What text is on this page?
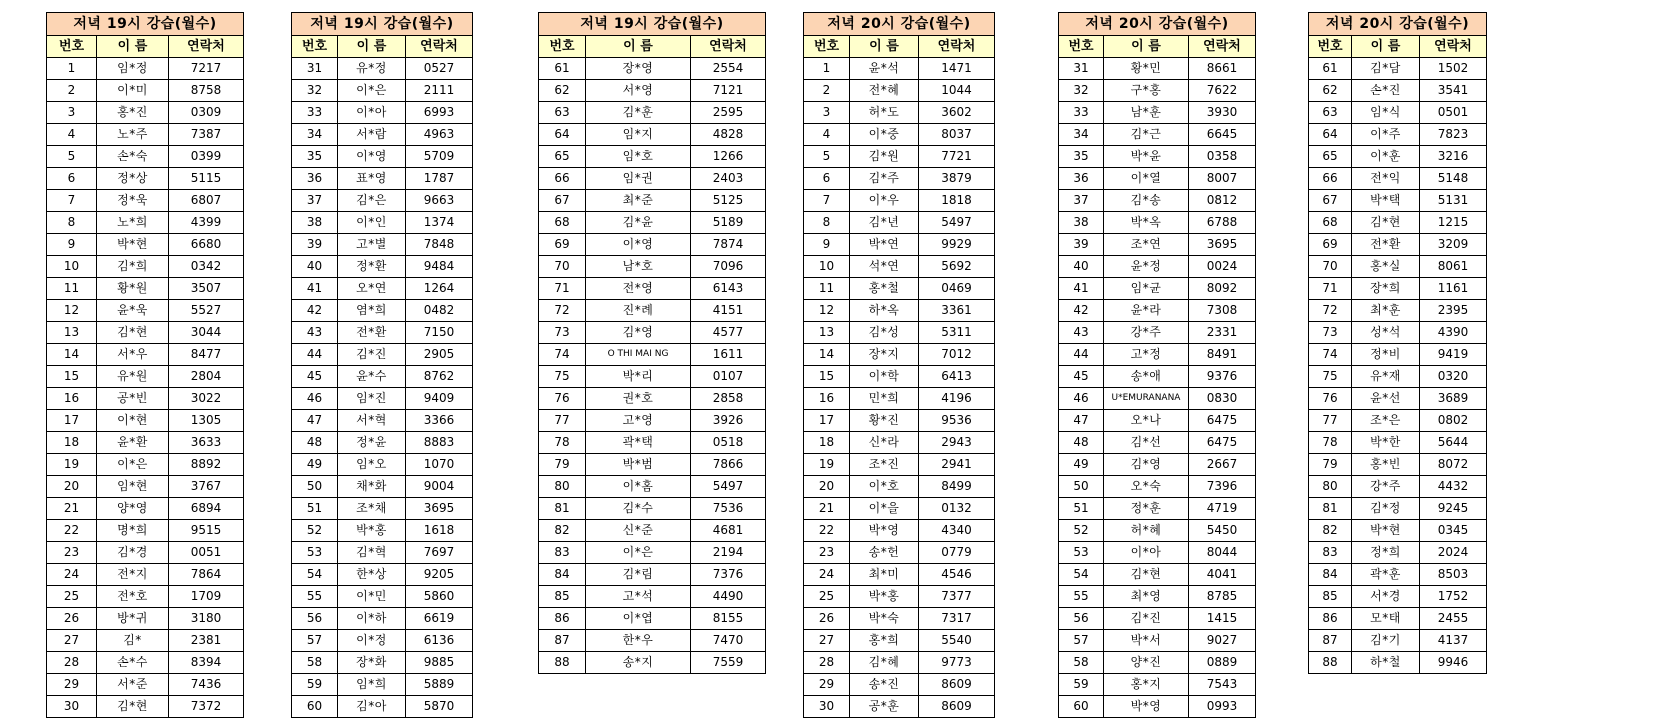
저녁 19시 강습(월수)		
번호	이 름	연락처
1	임*정	7217
2	이*미	8758
3	홍*진	0309
4	노*주	7387
5	손*숙	0399
6	정*상	5115
7	정*욱	6807
8	노*희	4399
9	박*현	6680
10	김*희	0342
11	황*원	3507
12	윤*욱	5527
13	김*현	3044
14	서*우	8477
15	유*원	2804
16	공*빈	3022
17	이*현	1305
18	윤*환	3633
19	이*은	8892
20	임*현	3767
21	양*영	6894
22	명*희	9515
23	김*경	0051
24	전*지	7864
25	전*호	1709
26	방*귀	3180
27	김*	2381
28	손*수	8394
29	서*준	7436
30	김*현	7372
저녁 19시 강습(월수)		
번호	이 름	연락처
31	유*정	0527
32	이*은	2111
33	이*아	6993
34	서*람	4963
35	이*영	5709
36	표*영	1787
37	김*은	9663
38	이*인	1374
39	고*별	7848
40	정*환	9484
41	오*연	1264
42	염*희	0482
43	전*환	7150
44	김*진	2905
45	윤*수	8762
46	임*진	9409
47	서*혁	3366
48	정*윤	8883
49	임*오	1070
50	채*화	9004
51	조*채	3695
52	박*홍	1618
53	김*혁	7697
54	한*상	9205
55	이*민	5860
56	이*하	6619
57	이*정	6136
58	장*화	9885
59	임*희	5889
60	김*아	5870
저녁 19시 강습(월수)		
번호	이 름	연락처
61	장*영	2554
62	서*영	7121
63	김*훈	2595
64	임*지	4828
65	임*호	1266
66	임*권	2403
67	최*준	5125
68	김*윤	5189
69	이*영	7874
70	남*호	7096
71	전*영	6143
72	진*례	4151
73	김*영	4577
74	O THI MAI NG	1611
75	박*리	0107
76	권*호	2858
77	고*영	3926
78	곽*택	0518
79	박*범	7866
80	이*홈	5497
81	김*수	7536
82	신*준	4681
83	이*은	2194
84	김*림	7376
85	고*석	4490
86	이*엽	8155
87	한*우	7470
88	송*지	7559
저녁 20시 강습(월수)		
번호	이 름	연락처
1	윤*석	1471
2	전*혜	1044
3	허*도	3602
4	이*중	8037
5	김*원	7721
6	김*주	3879
7	이*우	1818
8	김*년	5497
9	박*연	9929
10	석*연	5692
11	홍*철	0469
12	하*옥	3361
13	김*성	5311
14	장*지	7012
15	이*학	6413
16	민*희	4196
17	황*진	9536
18	신*라	2943
19	조*진	2941
20	이*호	8499
21	이*을	0132
22	박*영	4340
23	송*헌	0779
24	최*미	4546
25	박*홍	7377
26	박*숙	7317
27	홍*희	5540
28	김*혜	9773
29	송*진	8609
30	공*훈	8609
저녁 20시 강습(월수)		
번호	이 름	연락처
31	황*민	8661
32	구*홍	7622
33	남*훈	3930
34	김*근	6645
35	박*윤	0358
36	이*열	8007
37	김*송	0812
38	박*옥	6788
39	조*연	3695
40	윤*정	0024
41	임*균	8092
42	윤*라	7308
43	강*주	2331
44	고*정	8491
45	송*애	9376
46	U*EMURANANA	0830
47	오*나	6475
48	김*선	6475
49	김*영	2667
50	오*숙	7396
51	정*훈	4719
52	허*혜	5450
53	이*아	8044
54	김*현	4041
55	최*영	8785
56	김*진	1415
57	박*서	9027
58	양*진	0889
59	홍*지	7543
60	박*영	0993
저녁 20시 강습(월수)		
번호	이 름	연락처
61	김*담	1502
62	손*진	3541
63	임*식	0501
64	이*주	7823
65	이*훈	3216
66	전*익	5148
67	박*택	5131
68	김*현	1215
69	전*환	3209
70	홍*실	8061
71	장*희	1161
72	최*훈	2395
73	성*석	4390
74	정*비	9419
75	유*재	0320
76	윤*선	3689
77	조*은	0802
78	박*한	5644
79	홍*빈	8072
80	강*주	4432
81	김*정	9245
82	박*현	0345
83	정*희	2024
84	곽*훈	8503
85	서*경	1752
86	모*태	2455
87	김*기	4137
88	하*철	9946
